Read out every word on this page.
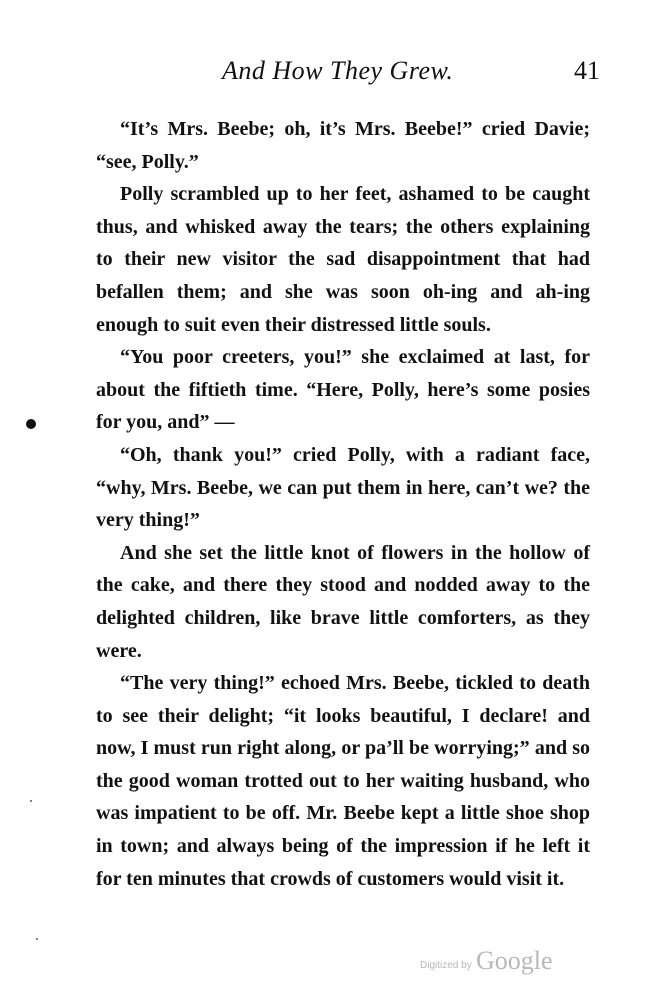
And How They Grew.	41

“It’s Mrs. Beebe; oh, it’s Mrs. Beebe!” cried Davie; “see, Polly.”

Polly scrambled up to her feet, ashamed to be caught thus, and whisked away the tears; the others explaining to their new visitor the sad disappointment that had befallen them; and she was soon oh-ing and ah-ing enough to suit even their distressed little souls.

“You poor creeters, you!” she exclaimed at last, for about the fiftieth time. “Here, Polly, here’s some posies for you, and” —

“Oh, thank you!” cried Polly, with a radiant face, “why, Mrs. Beebe, we can put them in here, can’t we? the very thing!”

And she set the little knot of flowers in the hollow of the cake, and there they stood and nodded away to the delighted children, like brave little comforters, as they were.

“The very thing!” echoed Mrs. Beebe, tickled to death to see their delight; “it looks beautiful, I declare! and now, I must run right along, or pa’ll be worrying;” and so the good woman trotted out to her waiting husband, who was impatient to be off. Mr. Beebe kept a little shoe shop in town; and always being of the impression if he left it for ten minutes that crowds of customers would visit it.

Digitized by Google
